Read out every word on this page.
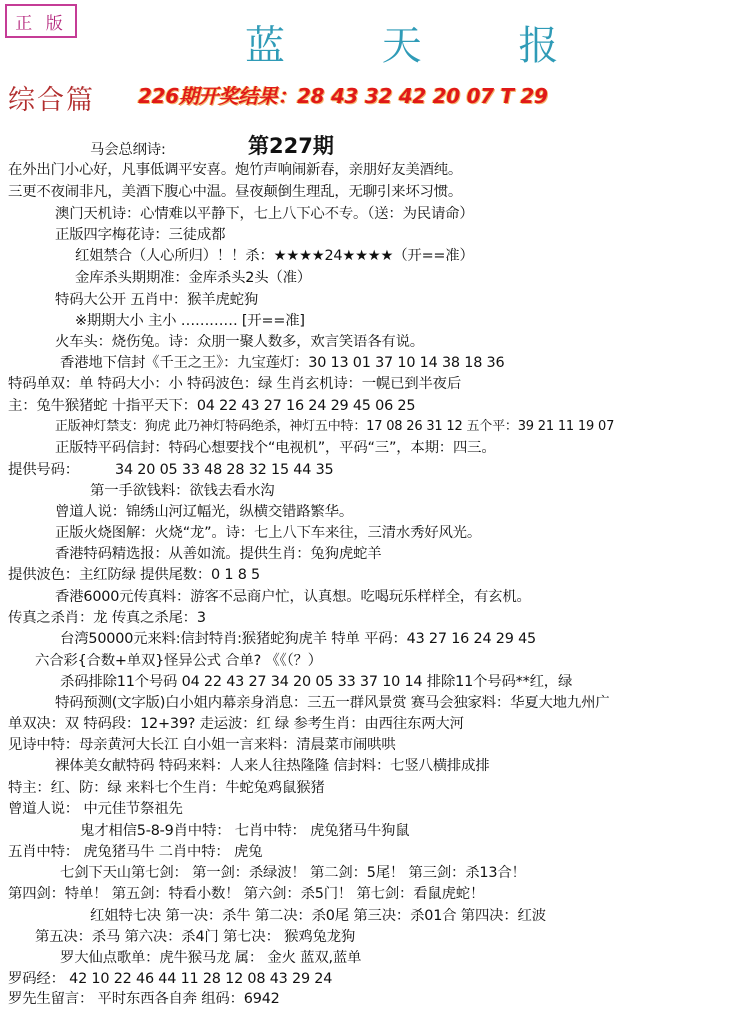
正 版	蓝 天 报
综合篇 226期开奖结果：28 43 32 42 20 07 T 29
第227期
马会总纲诗:
在外出门小心好，凡事低调平安喜。炮竹声响闹新春，亲朋好友美酒纯。
三更不夜闹非凡，美酒下腹心中温。昼夜颠倒生理乱，无聊引来坏习惯。
澳门天机诗：心情难以平静下，七上八下心不专。（送：为民请命）
正版四字梅花诗：三徒成都
红姐禁合（人心所归）！！杀：★★★★24★★★★（开==准）
金库杀头期期准：金库杀头2头（准）
特码大公开 五肖中：猴羊虎蛇狗
※期期大小 主小 ………… [开==准]
火车头：烧伤兔。诗：众朋一聚人数多，欢言笑语各有说。
香港地下信封《千王之王》：九宝莲灯：30 13 01 37 10 14 38 18 36
特码单双：单 特码大小：小 特码波色：绿 生肖玄机诗：一幌已到半夜后
主：兔牛猴猪蛇 十指平天下：04 22 43 27 16 24 29 45 06 25
正版神灯禁支：狗虎 此乃神灯特码绝杀，神灯五中特：17 08 26 31 12 五个平：39 21 11 19 07
正版特平码信封：特码心想要找个“电视机”，平码“三”，本期：四三。
提供号码：	34 20 05 33 48 28 32 15 44 35
第一手欲钱料：欲钱去看水沟
曾道人说：锦绣山河辽幅光，纵横交错路繁华。
正版火烧图解：火烧“龙”。诗：七上八下车来往，三清水秀好风光。
香港特码精选报：从善如流。提供生肖：兔狗虎蛇羊
提供波色：主红防绿 提供尾数：0 1 8 5
香港6000元传真料：游客不忌商户忙，认真想。吃喝玩乐样样全，有玄机。
传真之杀肖：龙 传真之杀尾：3
台湾50000元来料:信封特肖:猴猪蛇狗虎羊 特单 平码：43 27 16 24 29 45
六合彩{合数+单双}怪异公式 合单? 《《（？）
杀码排除11个号码 04 22 43 27 34 20 05 33 37 10 14 排除11个号码**红，绿
特码预测(文字版)白小姐内幕亲身消息：三五一群风景赏 赛马会独家料：华夏大地九州广
单双决：双 特码段：12+39? 走运波：红 绿 参考生肖：由西往东两大河
见诗中特：母亲黄河大长江 白小姐一言来料：清晨菜市闹哄哄
裸体美女献特码 特码来料：人来人往热隆隆 信封料：七竖八横排成排
特主：红、防：绿 来料七个生肖：牛蛇兔鸡鼠猴猪
曾道人说： 中元佳节祭祖先
鬼才相信5-8-9肖中特： 七肖中特： 虎兔猪马牛狗鼠
五肖中特： 虎兔猪马牛 二肖中特： 虎兔
七剑下天山第七剑： 第一剑：杀绿波！ 第二剑：5尾！ 第三剑：杀13合！
第四剑：特单！ 第五剑：特看小数！ 第六剑：杀5门！ 第七剑：看鼠虎蛇！
红姐特七决 第一决：杀牛 第二决：杀0尾 第三决：杀01合 第四决：红波
第五决：杀马 第六决：杀4门 第七决： 猴鸡兔龙狗
罗大仙点歌单：虎牛猴马龙 属： 金火 蓝双,蓝单
罗码经： 42 10 22 46 44 11 28 12 08 43 29 24
罗先生留言： 平时东西各自奔 组码：6942
